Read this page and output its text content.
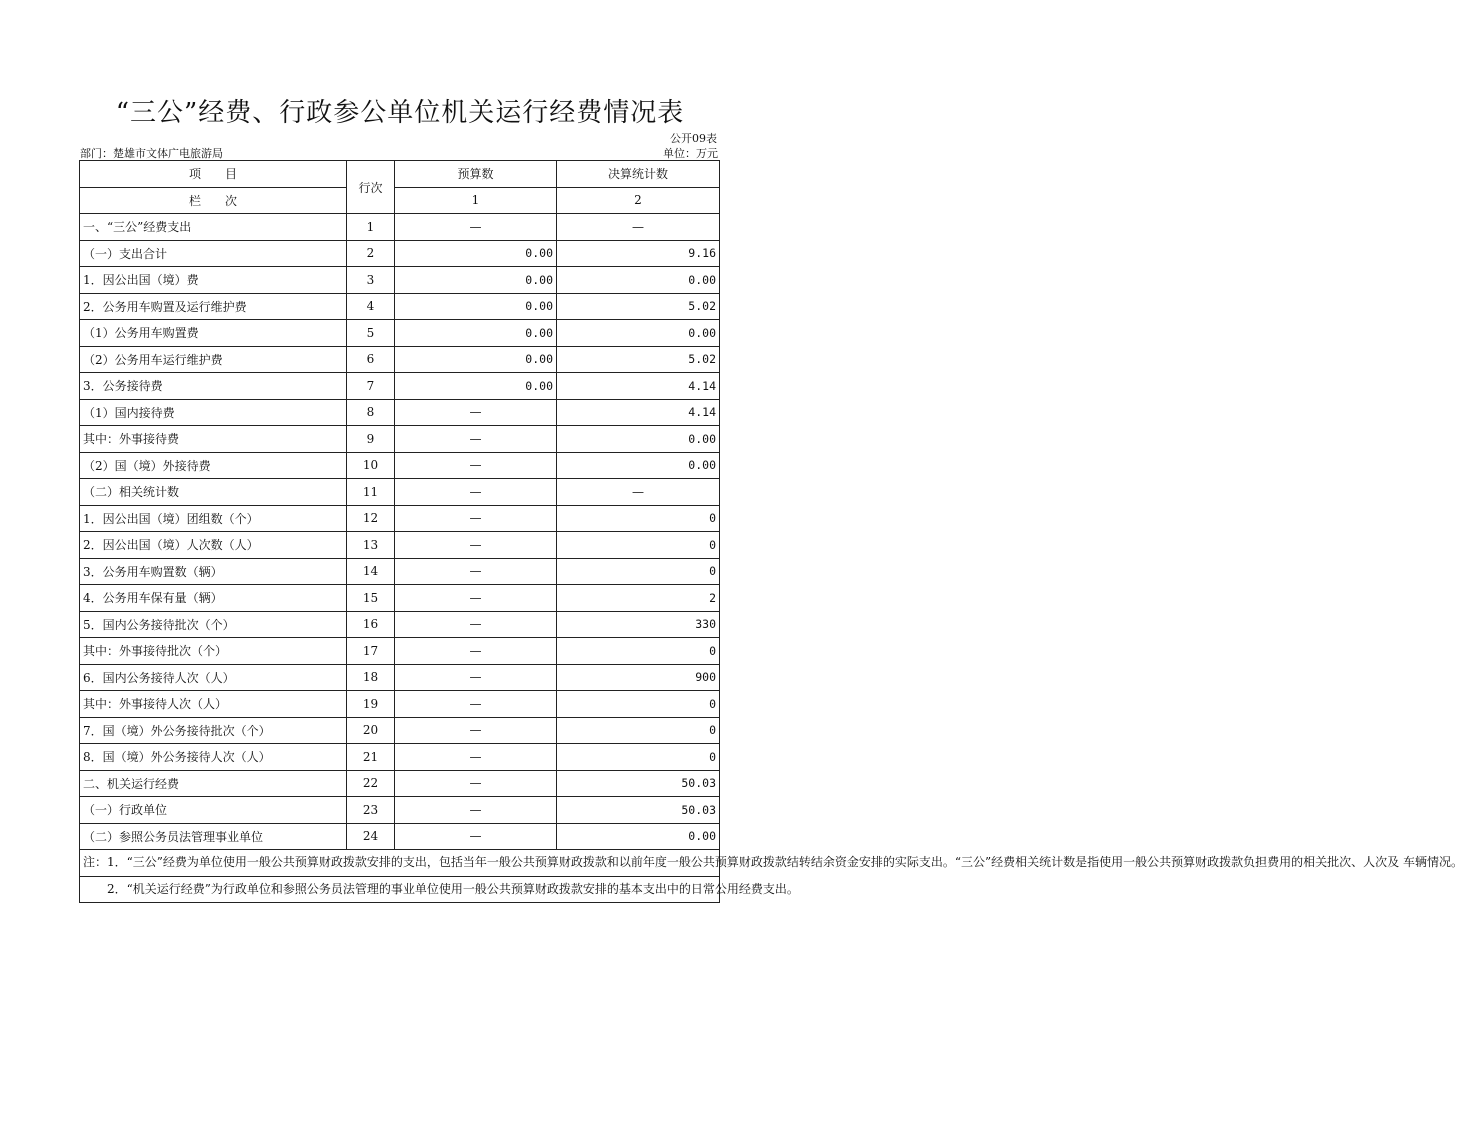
“三公”经费、行政参公单位机关运行经费情况表
公开09表
部门：楚雄市文体广电旅游局	单位：万元
项　　目	行次	预算数	决算统计数
栏　　次		1	2
一、“三公”经费支出	1	—	—
（一）支出合计	2	0.00	9.16
1．因公出国（境）费	3	0.00	0.00
2．公务用车购置及运行维护费	4	0.00	5.02
（1）公务用车购置费	5	0.00	0.00
（2）公务用车运行维护费	6	0.00	5.02
3．公务接待费	7	0.00	4.14
（1）国内接待费	8	—	4.14
其中：外事接待费	9	—	0.00
（2）国（境）外接待费	10	—	0.00
（二）相关统计数	11	—	—
1．因公出国（境）团组数（个）	12	—	0
2．因公出国（境）人次数（人）	13	—	0
3．公务用车购置数（辆）	14	—	0
4．公务用车保有量（辆）	15	—	2
5．国内公务接待批次（个）	16	—	330
其中：外事接待批次（个）	17	—	0
6．国内公务接待人次（人）	18	—	900
其中：外事接待人次（人）	19	—	0
7．国（境）外公务接待批次（个）	20	—	0
8．国（境）外公务接待人次（人）	21	—	0
二、机关运行经费	22	—	50.03
（一）行政单位	23	—	50.03
（二）参照公务员法管理事业单位	24	—	0.00
注：1．“三公”经费为单位使用一般公共预算财政拨款安排的支出，包括当年一般公共预算财政拨款和以前年度一般公共预算财政拨款结转结余资金安排的实际支出。“三公”经费相关统计数是指使用一般公共预算财政拨款负担费用的相关批次、人次及 车辆情况。			
2．“机关运行经费”为行政单位和参照公务员法管理的事业单位使用一般公共预算财政拨款安排的基本支出中的日常公用经费支出。			
